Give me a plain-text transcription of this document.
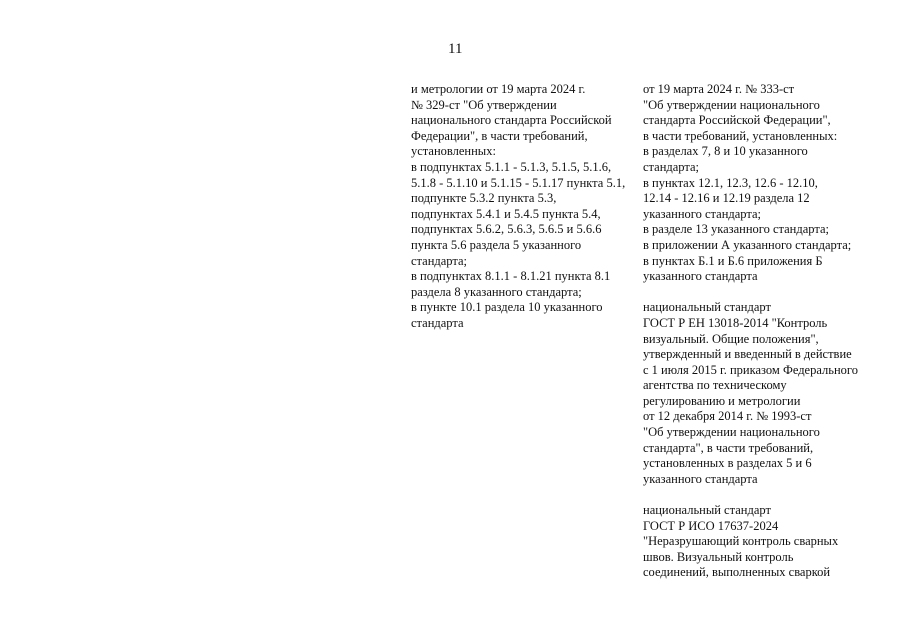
11
и метрологии от 19 марта 2024 г.
№ 329-ст "Об утверждении
национального стандарта Российской
Федерации", в части требований,
установленных:
в подпунктах 5.1.1 - 5.1.3, 5.1.5, 5.1.6,
5.1.8 - 5.1.10 и 5.1.15 - 5.1.17 пункта 5.1,
подпункте 5.3.2 пункта 5.3,
подпунктах 5.4.1 и 5.4.5 пункта 5.4,
подпунктах 5.6.2, 5.6.3, 5.6.5 и 5.6.6
пункта 5.6 раздела 5 указанного
стандарта;
в подпунктах 8.1.1 - 8.1.21 пункта 8.1
раздела 8 указанного стандарта;
в пункте 10.1 раздела 10 указанного
стандарта
от 19 марта 2024 г. № 333-ст
"Об утверждении национального
стандарта Российской Федерации",
в части требований, установленных:
в разделах 7, 8 и 10 указанного
стандарта;
в пунктах 12.1, 12.3, 12.6 - 12.10,
12.14 - 12.16 и 12.19 раздела 12
указанного стандарта;
в разделе 13 указанного стандарта;
в приложении А указанного стандарта;
в пунктах Б.1 и Б.6 приложения Б
указанного стандарта
национальный стандарт
ГОСТ Р ЕН 13018-2014 "Контроль
визуальный. Общие положения",
утвержденный и введенный в действие
с 1 июля 2015 г. приказом Федерального
агентства по техническому
регулированию и метрологии
от 12 декабря 2014 г. № 1993-ст
"Об утверждении национального
стандарта", в части требований,
установленных в разделах 5 и 6
указанного стандарта
национальный стандарт
ГОСТ Р ИСО 17637-2024
"Неразрушающий контроль сварных
швов. Визуальный контроль
соединений, выполненных сваркой
